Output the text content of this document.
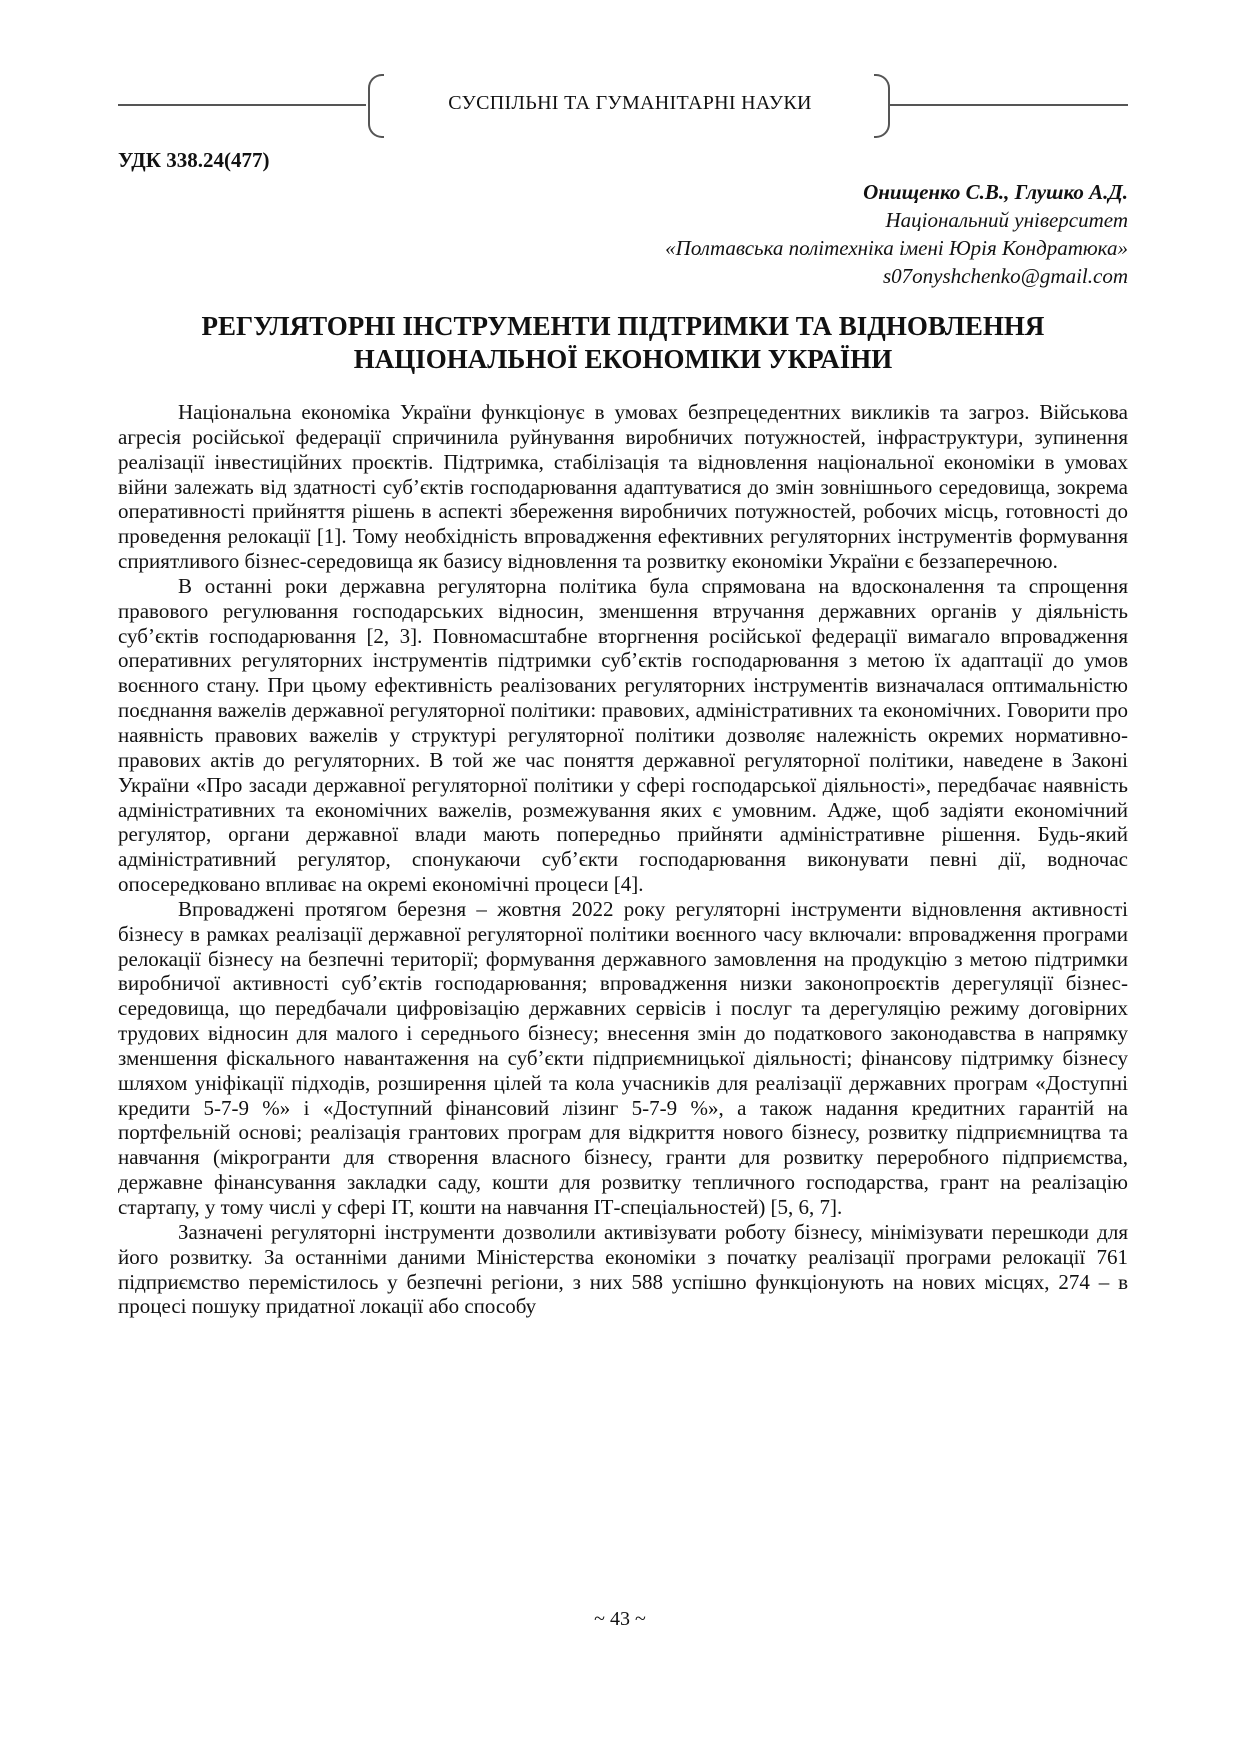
СУСПІЛЬНІ ТА ГУМАНІТАРНІ НАУКИ
УДК 338.24(477)
Онищенко С.В., Глушко А.Д.
Національний університет
«Полтавська політехніка імені Юрія Кондратюка»
s07onyshchenko@gmail.com
РЕГУЛЯТОРНІ ІНСТРУМЕНТИ ПІДТРИМКИ ТА ВІДНОВЛЕННЯ
НАЦІОНАЛЬНОЇ ЕКОНОМІКИ УКРАЇНИ

Національна економіка України функціонує в умовах безпрецедентних викликів та загроз. Військова агресія російської федерації спричинила руйнування виробничих потужностей, інфраструктури, зупинення реалізації інвестиційних проєктів. Підтримка, стабілізація та відновлення національної економіки в умовах війни залежать від здатності суб’єктів господарювання адаптуватися до змін зовнішнього середовища, зокрема оперативності прийняття рішень в аспекті збереження виробничих потужностей, робочих місць, готовності до проведення релокації [1]. Тому необхідність впровадження ефективних регуляторних інструментів формування сприятливого бізнес-середовища як базису відновлення та розвитку економіки України є беззаперечною.

В останні роки державна регуляторна політика була спрямована на вдосконалення та спрощення правового регулювання господарських відносин, зменшення втручання державних органів у діяльність суб’єктів господарювання [2, 3]. Повномасштабне вторгнення російської федерації вимагало впровадження оперативних регуляторних інструментів підтримки суб’єктів господарювання з метою їх адаптації до умов воєнного стану. При цьому ефективність реалізованих регуляторних інструментів визначалася оптимальністю поєднання важелів державної регуляторної політики: правових, адміністративних та економічних. Говорити про наявність правових важелів у структурі регуляторної політики дозволяє належність окремих нормативно-правових актів до регуляторних. В той же час поняття державної регуляторної політики, наведене в Законі України «Про засади державної регуляторної політики у сфері господарської діяльності», передбачає наявність адміністративних та економічних важелів, розмежування яких є умовним. Адже, щоб задіяти економічний регулятор, органи державної влади мають попередньо прийняти адміністративне рішення. Будь-який адміністративний регулятор, спонукаючи суб’єкти господарювання виконувати певні дії, водночас опосередковано впливає на окремі економічні процеси [4].

Впроваджені протягом березня – жовтня 2022 року регуляторні інструменти відновлення активності бізнесу в рамках реалізації державної регуляторної політики воєнного часу включали: впровадження програми релокації бізнесу на безпечні території; формування державного замовлення на продукцію з метою підтримки виробничої активності суб’єктів господарювання; впровадження низки законопроєктів дерегуляції бізнес-середовища, що передбачали цифровізацію державних сервісів і послуг та дерегуляцію режиму договірних трудових відносин для малого і середнього бізнесу; внесення змін до податкового законодавства в напрямку зменшення фіскального навантаження на суб’єкти підприємницької діяльності; фінансову підтримку бізнесу шляхом уніфікації підходів, розширення цілей та кола учасників для реалізації державних програм «Доступні кредити 5-7-9 %» і «Доступний фінансовий лізинг 5-7-9 %», а також надання кредитних гарантій на портфельній основі; реалізація грантових програм для відкриття нового бізнесу, розвитку підприємництва та навчання (мікрогранти для створення власного бізнесу, гранти для розвитку переробного підприємства, державне фінансування закладки саду, кошти для розвитку тепличного господарства, грант на реалізацію стартапу, у тому числі у сфері ІТ, кошти на навчання ІТ-спеціальностей) [5, 6, 7].

Зазначені регуляторні інструменти дозволили активізувати роботу бізнесу, мінімізувати перешкоди для його розвитку. За останніми даними Міністерства економіки з початку реалізації програми релокації 761 підприємство перемістилось у безпечні регіони, з них 588 успішно функціонують на нових місцях, 274 – в процесі пошуку придатної локації або способу

~ 43 ~
